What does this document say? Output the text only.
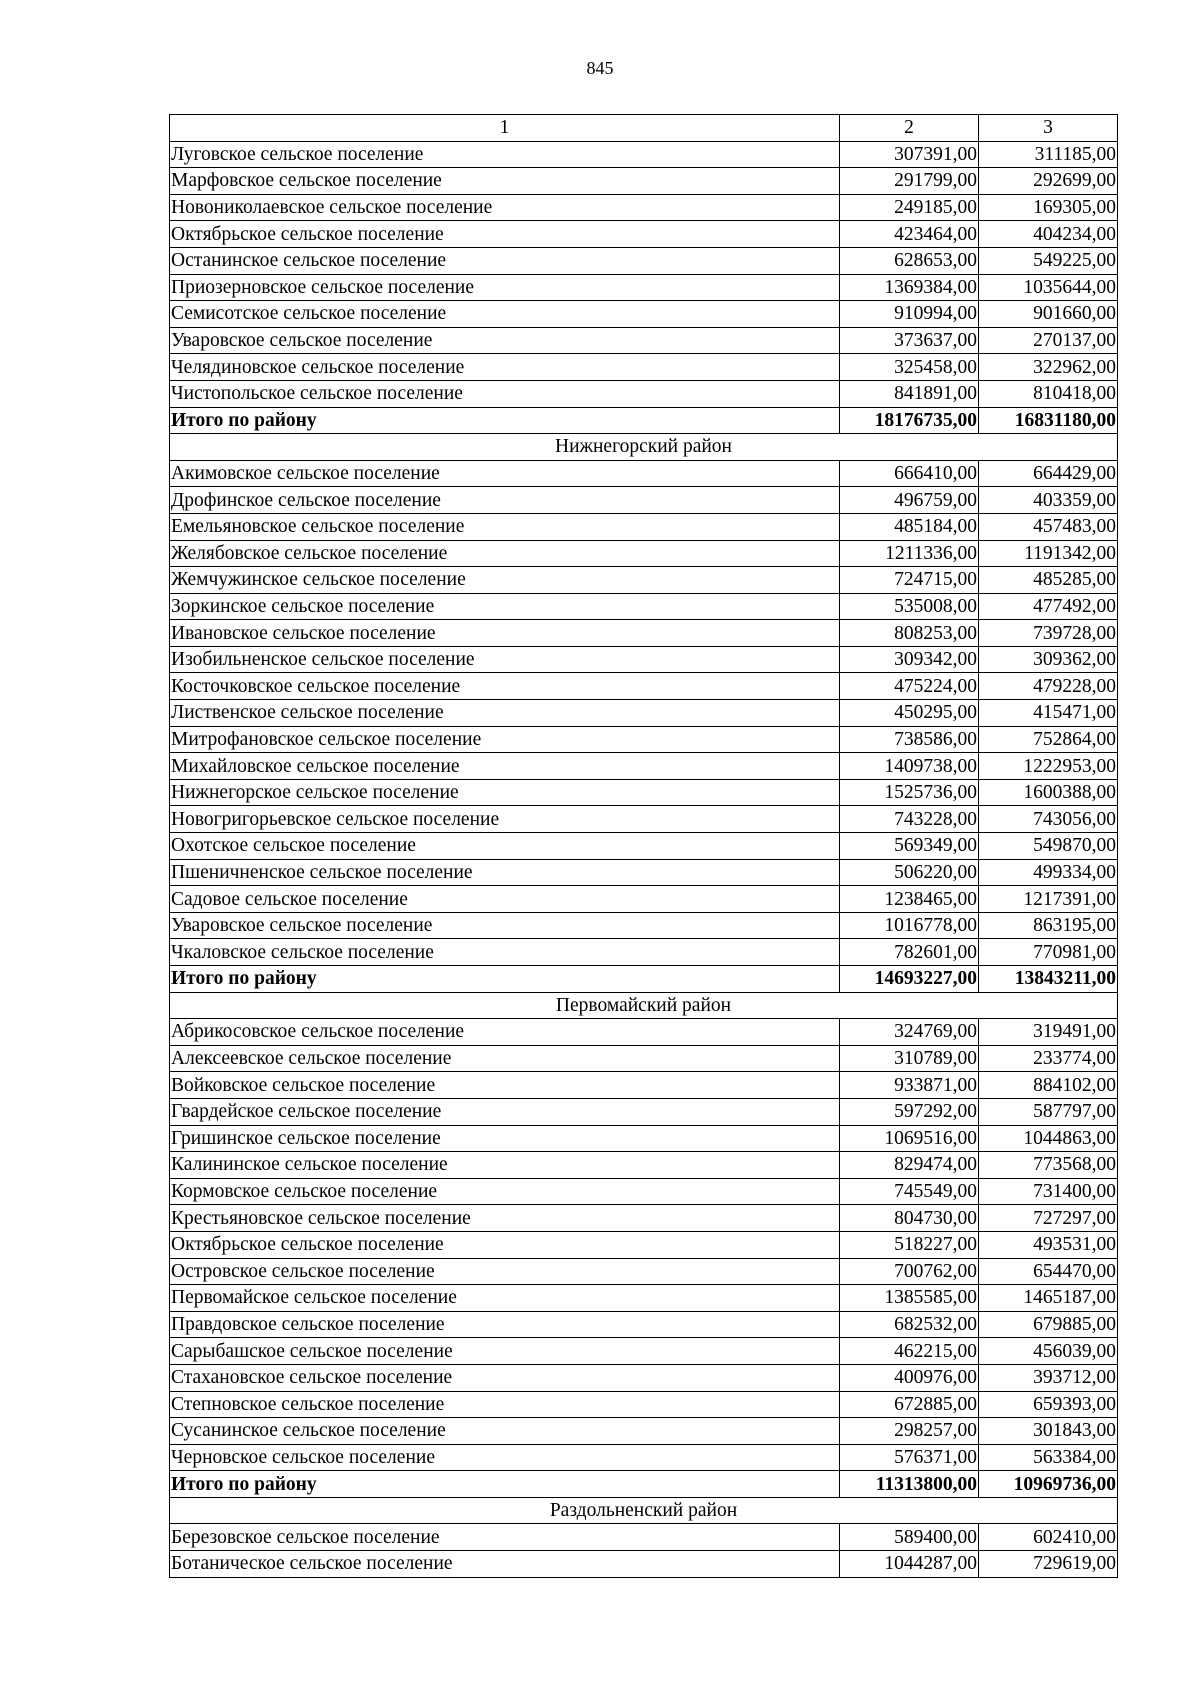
845
1	2	3
Луговское сельское поселение	307391,00	311185,00
Марфовское сельское поселение	291799,00	292699,00
Новониколаевское сельское поселение	249185,00	169305,00
Октябрьское сельское поселение	423464,00	404234,00
Останинское сельское поселение	628653,00	549225,00
Приозерновское сельское поселение	1369384,00	1035644,00
Семисотское сельское поселение	910994,00	901660,00
Уваровское сельское поселение	373637,00	270137,00
Челядиновское сельское поселение	325458,00	322962,00
Чистопольское сельское поселение	841891,00	810418,00
Итого по району	18176735,00	16831180,00
Нижнегорский район		
Акимовское сельское поселение	666410,00	664429,00
Дрофинское сельское поселение	496759,00	403359,00
Емельяновское сельское поселение	485184,00	457483,00
Желябовское сельское поселение	1211336,00	1191342,00
Жемчужинское сельское поселение	724715,00	485285,00
Зоркинское сельское поселение	535008,00	477492,00
Ивановское сельское поселение	808253,00	739728,00
Изобильненское сельское поселение	309342,00	309362,00
Косточковское сельское поселение	475224,00	479228,00
Лиственское сельское поселение	450295,00	415471,00
Митрофановское сельское поселение	738586,00	752864,00
Михайловское сельское поселение	1409738,00	1222953,00
Нижнегорское сельское поселение	1525736,00	1600388,00
Новогригорьевское сельское поселение	743228,00	743056,00
Охотское сельское поселение	569349,00	549870,00
Пшеничненское сельское поселение	506220,00	499334,00
Садовое сельское поселение	1238465,00	1217391,00
Уваровское сельское поселение	1016778,00	863195,00
Чкаловское сельское поселение	782601,00	770981,00
Итого по району	14693227,00	13843211,00
Первомайский район		
Абрикосовское сельское поселение	324769,00	319491,00
Алексеевское сельское поселение	310789,00	233774,00
Войковское сельское поселение	933871,00	884102,00
Гвардейское сельское поселение	597292,00	587797,00
Гришинское сельское поселение	1069516,00	1044863,00
Калининское сельское поселение	829474,00	773568,00
Кормовское сельское поселение	745549,00	731400,00
Крестьяновское сельское поселение	804730,00	727297,00
Октябрьское сельское поселение	518227,00	493531,00
Островское сельское поселение	700762,00	654470,00
Первомайское сельское поселение	1385585,00	1465187,00
Правдовское сельское поселение	682532,00	679885,00
Сарыбашское сельское поселение	462215,00	456039,00
Стахановское сельское поселение	400976,00	393712,00
Степновское сельское поселение	672885,00	659393,00
Сусанинское сельское поселение	298257,00	301843,00
Черновское сельское поселение	576371,00	563384,00
Итого по району	11313800,00	10969736,00
Раздольненский район		
Березовское сельское поселение	589400,00	602410,00
Ботаническое сельское поселение	1044287,00	729619,00
